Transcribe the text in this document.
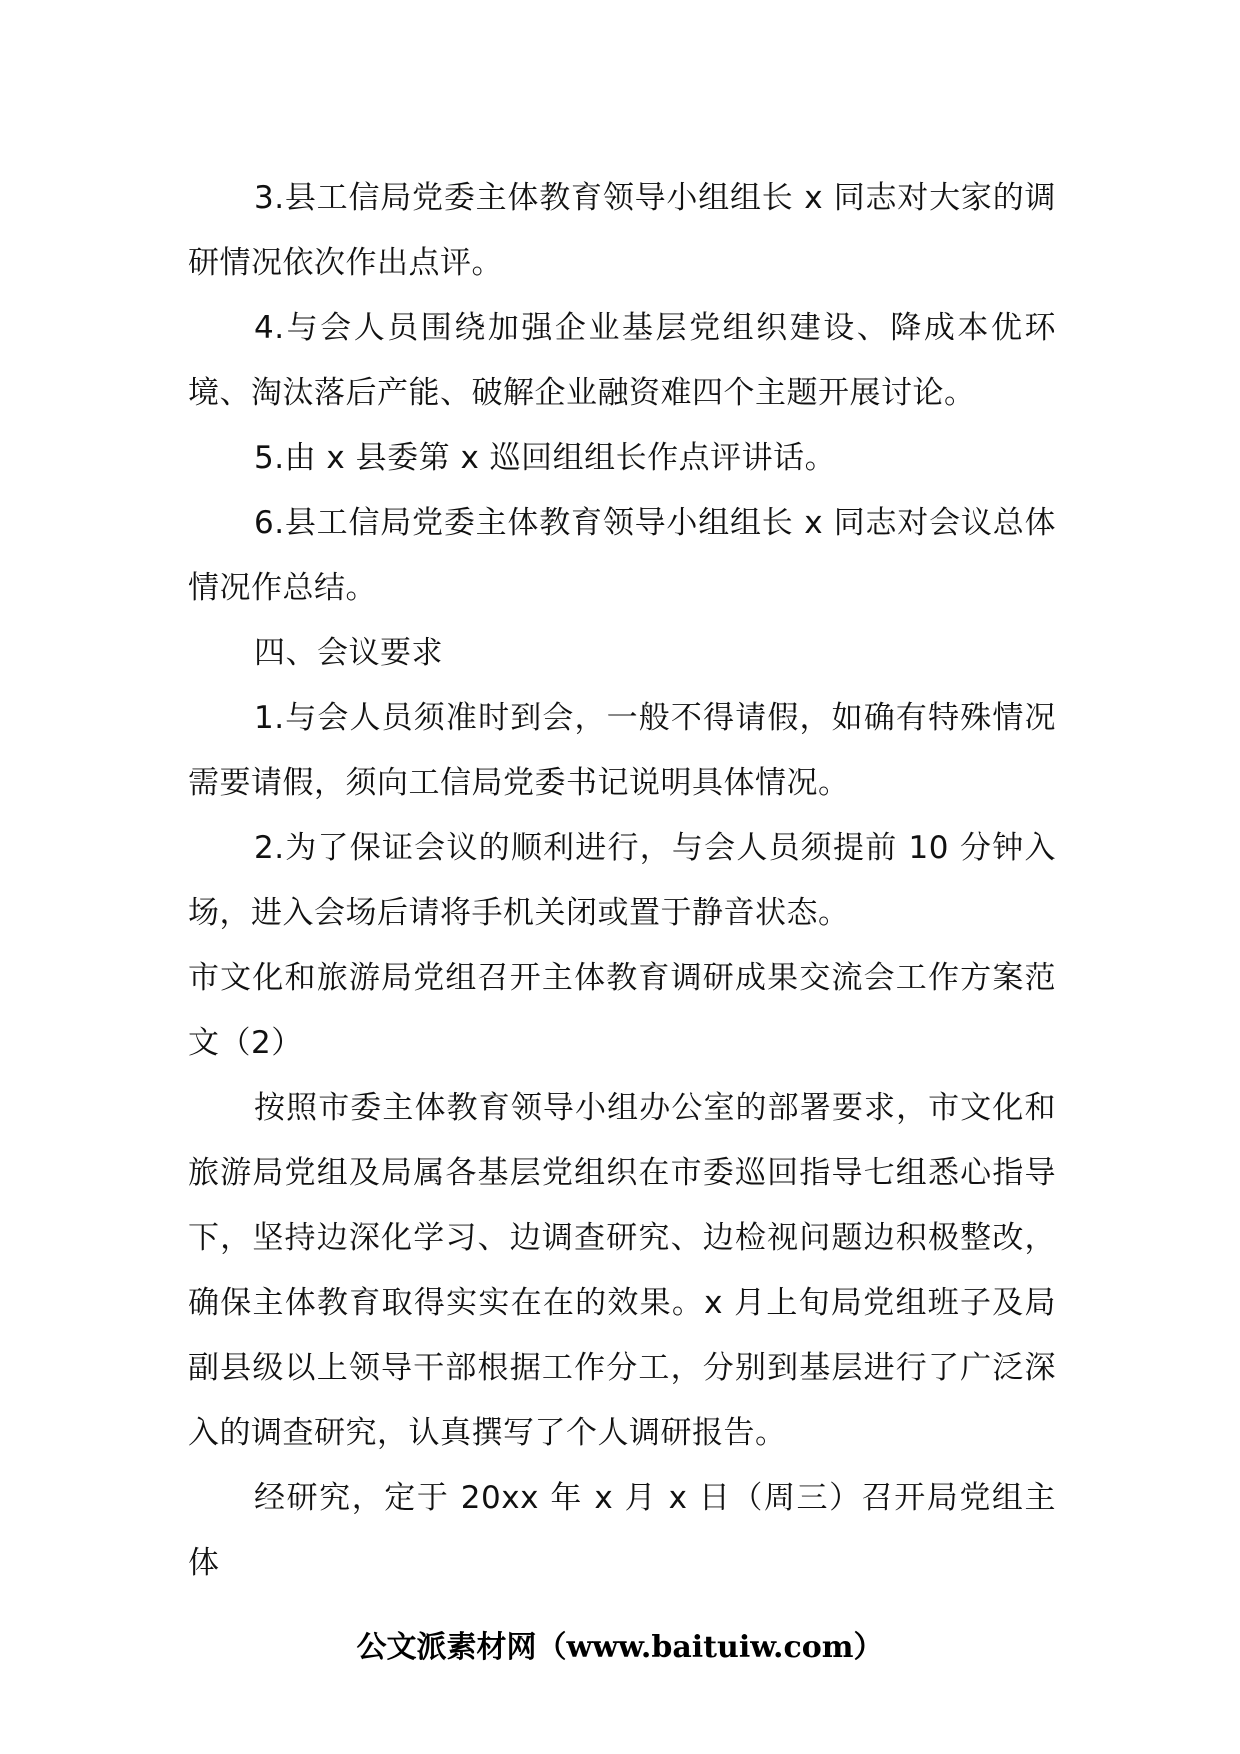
3.县工信局党委主体教育领导小组组长 x 同志对大家的调研情况依次作出点评。

4.与会人员围绕加强企业基层党组织建设、降成本优环境、淘汰落后产能、破解企业融资难四个主题开展讨论。

5.由 x 县委第 x 巡回组组长作点评讲话。

6.县工信局党委主体教育领导小组组长 x 同志对会议总体情况作总结。

四、会议要求

1.与会人员须准时到会，一般不得请假，如确有特殊情况需要请假，须向工信局党委书记说明具体情况。

2.为了保证会议的顺利进行，与会人员须提前 10 分钟入场，进入会场后请将手机关闭或置于静音状态。

市文化和旅游局党组召开主体教育调研成果交流会工作方案范文（2）

按照市委主体教育领导小组办公室的部署要求，市文化和旅游局党组及局属各基层党组织在市委巡回指导七组悉心指导下，坚持边深化学习、边调查研究、边检视问题边积极整改，确保主体教育取得实实在在的效果。x 月上旬局党组班子及局副县级以上领导干部根据工作分工，分别到基层进行了广泛深入的调查研究，认真撰写了个人调研报告。

经研究，定于 20xx 年 x 月 x 日（周三）召开局党组主体

公文派素材网（www.baituiw.com）
